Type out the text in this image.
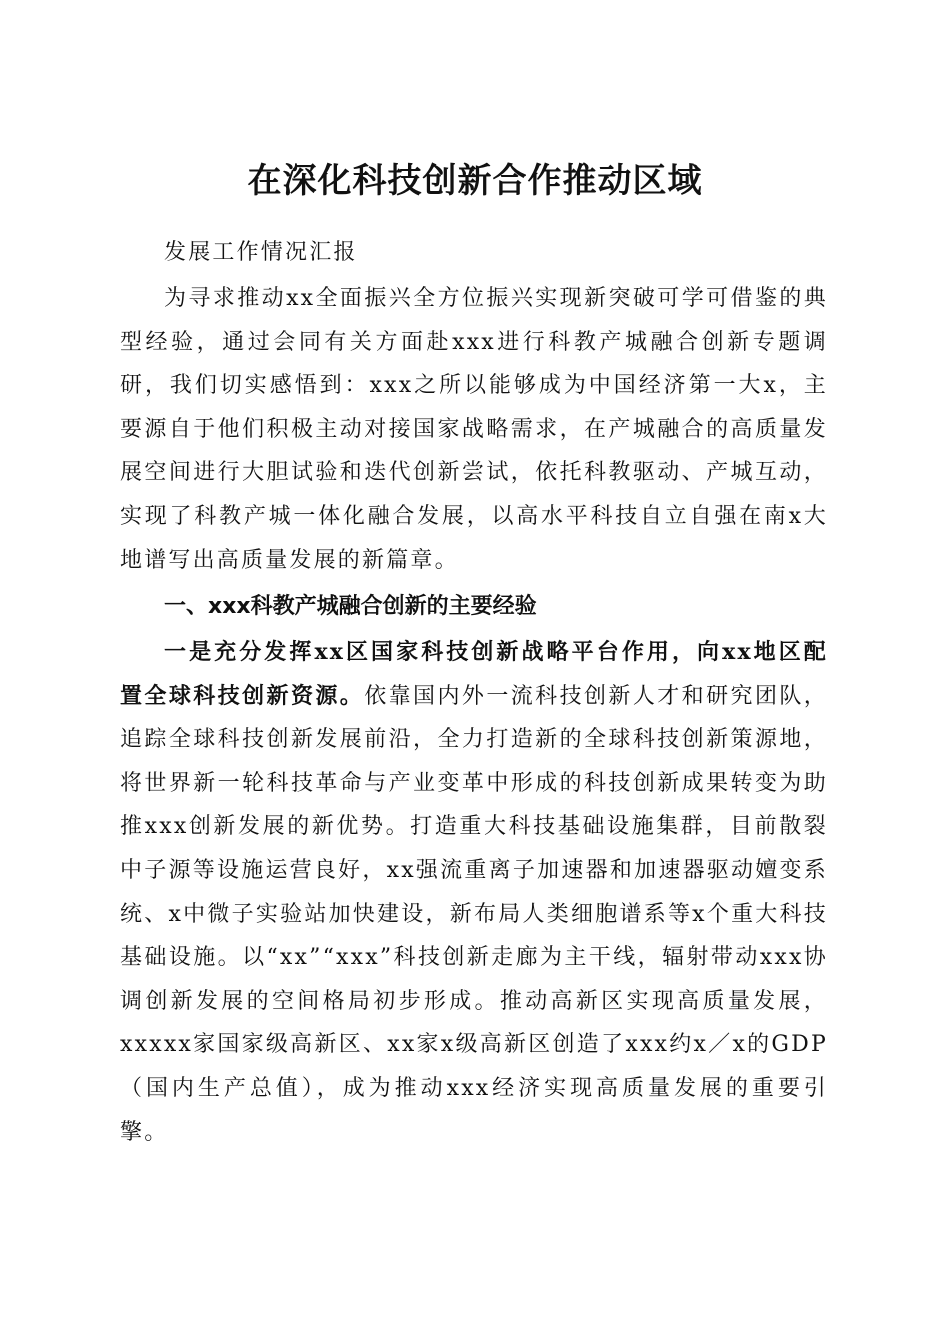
在深化科技创新合作推动区域

发展工作情况汇报

为寻求推动xx全面振兴全方位振兴实现新突破可学可借鉴的典型经验，通过会同有关方面赴xxx进行科教产城融合创新专题调研，我们切实感悟到：xxx之所以能够成为中国经济第一大x，主要源自于他们积极主动对接国家战略需求，在产城融合的高质量发展空间进行大胆试验和迭代创新尝试，依托科教驱动、产城互动，实现了科教产城一体化融合发展，以高水平科技自立自强在南x大地谱写出高质量发展的新篇章。

一、xxx科教产城融合创新的主要经验

一是充分发挥xx区国家科技创新战略平台作用，向xx地区配置全球科技创新资源。依靠国内外一流科技创新人才和研究团队，追踪全球科技创新发展前沿，全力打造新的全球科技创新策源地，将世界新一轮科技革命与产业变革中形成的科技创新成果转变为助推xxx创新发展的新优势。打造重大科技基础设施集群，目前散裂中子源等设施运营良好，xx强流重离子加速器和加速器驱动嬗变系统、x中微子实验站加快建设，新布局人类细胞谱系等x个重大科技基础设施。以“xx”“xxx”科技创新走廊为主干线，辐射带动xxx协调创新发展的空间格局初步形成。推动高新区实现高质量发展，xxxxx家国家级高新区、xx家x级高新区创造了xxx约x／x的GDP（国内生产总值），成为推动xxx经济实现高质量发展的重要引擎。
